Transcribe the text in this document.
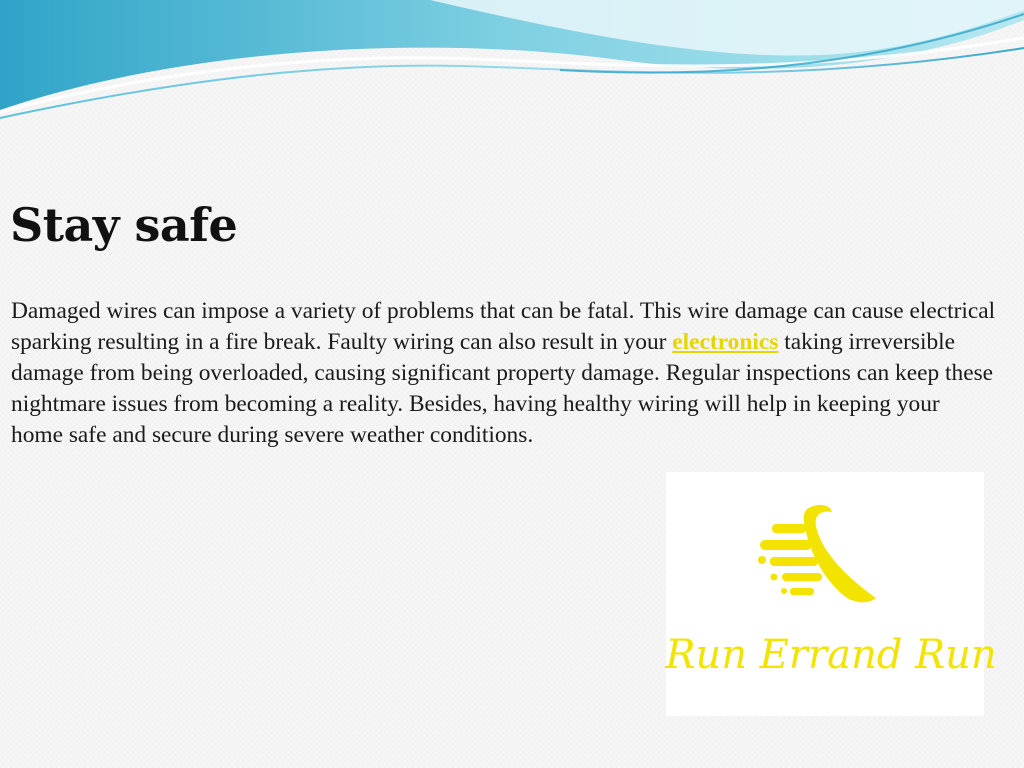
Stay safe

Damaged wires can impose a variety of problems that can be fatal. This wire damage can cause electrical sparking resulting in a fire break. Faulty wiring can also result in your electronics taking irreversible damage from being overloaded, causing significant property damage. Regular inspections can keep these nightmare issues from becoming a reality. Besides, having healthy wiring will help in keeping your home safe and secure during severe weather conditions.

Run Errand Run
